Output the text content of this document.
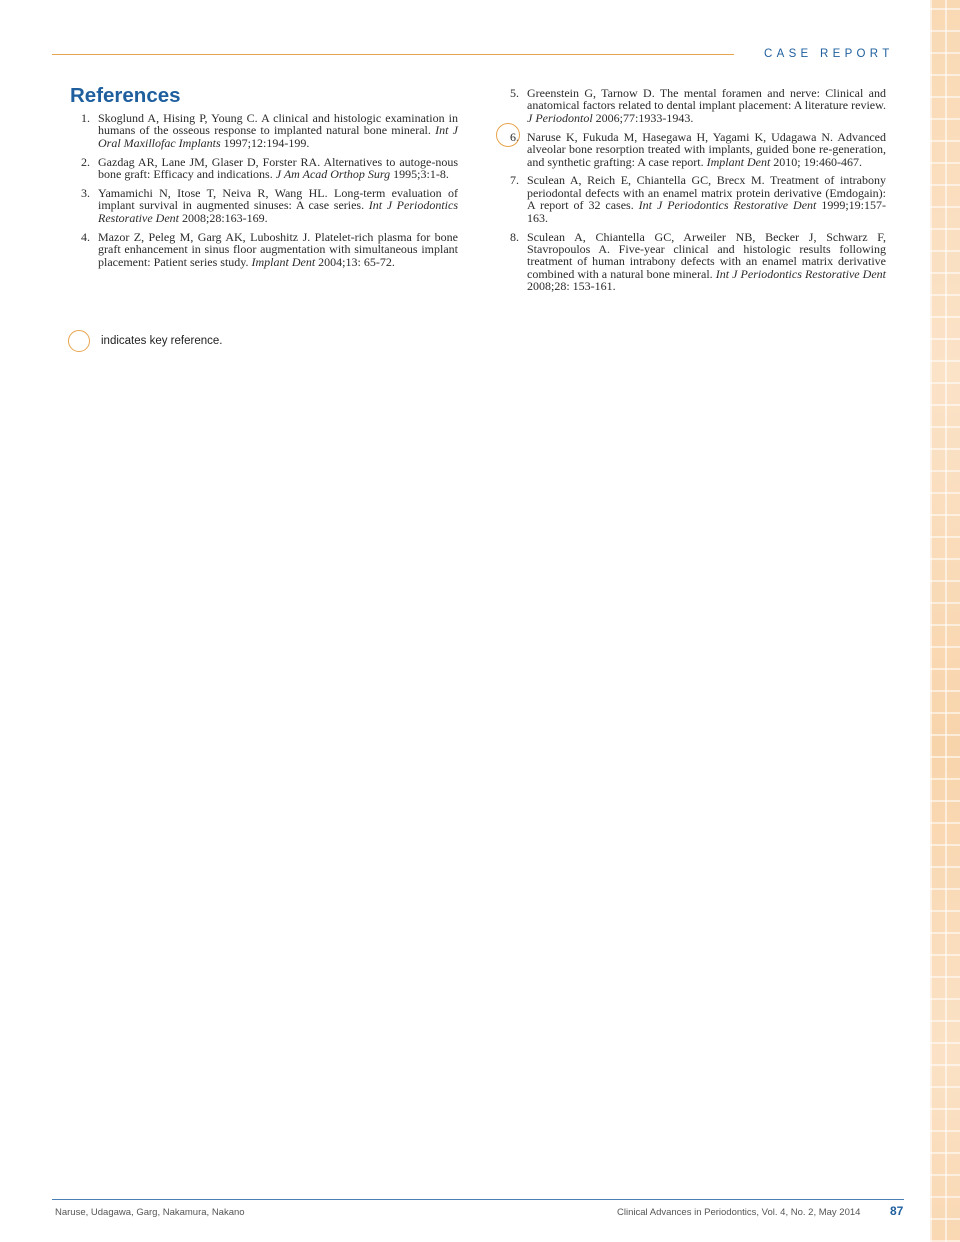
CASE REPORT
References
1. Skoglund A, Hising P, Young C. A clinical and histologic examination in humans of the osseous response to implanted natural bone mineral. Int J Oral Maxillofac Implants 1997;12:194-199.
2. Gazdag AR, Lane JM, Glaser D, Forster RA. Alternatives to autoge-nous bone graft: Efficacy and indications. J Am Acad Orthop Surg 1995;3:1-8.
3. Yamamichi N, Itose T, Neiva R, Wang HL. Long-term evaluation of implant survival in augmented sinuses: A case series. Int J Periodontics Restorative Dent 2008;28:163-169.
4. Mazor Z, Peleg M, Garg AK, Luboshitz J. Platelet-rich plasma for bone graft enhancement in sinus floor augmentation with simultaneous implant placement: Patient series study. Implant Dent 2004;13: 65-72.
5. Greenstein G, Tarnow D. The mental foramen and nerve: Clinical and anatomical factors related to dental implant placement: A literature review. J Periodontol 2006;77:1933-1943.
6. Naruse K, Fukuda M, Hasegawa H, Yagami K, Udagawa N. Advanced alveolar bone resorption treated with implants, guided bone re-generation, and synthetic grafting: A case report. Implant Dent 2010; 19:460-467.
7. Sculean A, Reich E, Chiantella GC, Brecx M. Treatment of intrabony periodontal defects with an enamel matrix protein derivative (Emdogain): A report of 32 cases. Int J Periodontics Restorative Dent 1999;19:157-163.
8. Sculean A, Chiantella GC, Arweiler NB, Becker J, Schwarz F, Stavropoulos A. Five-year clinical and histologic results following treatment of human intrabony defects with an enamel matrix derivative combined with a natural bone mineral. Int J Periodontics Restorative Dent 2008;28: 153-161.
indicates key reference.
Naruse, Udagawa, Garg, Nakamura, Nakano	Clinical Advances in Periodontics, Vol. 4, No. 2, May 2014 87
